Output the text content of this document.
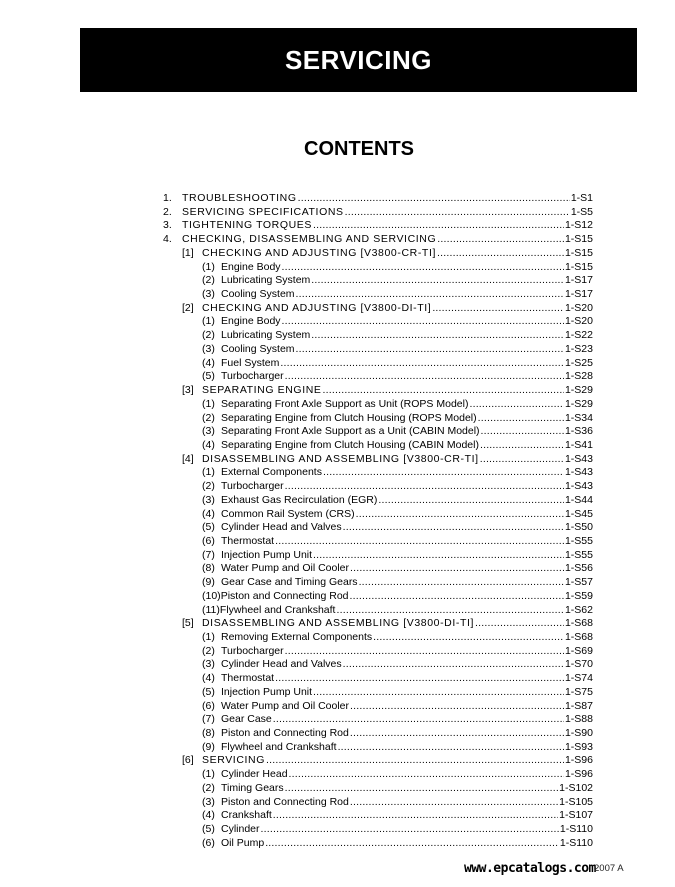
SERVICING
CONTENTS
1. TROUBLESHOOTING .....	1-S1
2. SERVICING SPECIFICATIONS .....	1-S5
3. TIGHTENING TORQUES .....	1-S12
4. CHECKING, DISASSEMBLING AND SERVICING .....	1-S15
[1] CHECKING AND ADJUSTING [V3800-CR-TI] .....	1-S15
(1) Engine Body .....	1-S15
(2) Lubricating System .....	1-S17
(3) Cooling System .....	1-S17
[2] CHECKING AND ADJUSTING [V3800-DI-TI] .....	1-S20
(1) Engine Body .....	1-S20
(2) Lubricating System .....	1-S22
(3) Cooling System .....	1-S23
(4) Fuel System .....	1-S25
(5) Turbocharger .....	1-S28
[3] SEPARATING ENGINE .....	1-S29
(1) Separating Front Axle Support as Unit (ROPS Model) .....	1-S29
(2) Separating Engine from Clutch Housing (ROPS Model) .....	1-S34
(3) Separating Front Axle Support as a Unit (CABIN Model) .....	1-S36
(4) Separating Engine from Clutch Housing (CABIN Model) .....	1-S41
[4] DISASSEMBLING AND ASSEMBLING [V3800-CR-TI] .....	1-S43
(1) External Components .....	1-S43
(2) Turbocharger .....	1-S43
(3) Exhaust Gas Recirculation (EGR) .....	1-S44
(4) Common Rail System (CRS) .....	1-S45
(5) Cylinder Head and Valves .....	1-S50
(6) Thermostat .....	1-S55
(7) Injection Pump Unit .....	1-S55
(8) Water Pump and Oil Cooler .....	1-S56
(9) Gear Case and Timing Gears .....	1-S57
(10) Piston and Connecting Rod .....	1-S59
(11) Flywheel and Crankshaft .....	1-S62
[5] DISASSEMBLING AND ASSEMBLING [V3800-DI-TI] .....	1-S68
(1) Removing External Components .....	1-S68
(2) Turbocharger .....	1-S69
(3) Cylinder Head and Valves .....	1-S70
(4) Thermostat .....	1-S74
(5) Injection Pump Unit .....	1-S75
(6) Water Pump and Oil Cooler .....	1-S87
(7) Gear Case .....	1-S88
(8) Piston and Connecting Rod .....	1-S90
(9) Flywheel and Crankshaft .....	1-S93
[6] SERVICING .....	1-S96
(1) Cylinder Head .....	1-S96
(2) Timing Gears .....	1-S102
(3) Piston and Connecting Rod .....	1-S105
(4) Crankshaft .....	1-S107
(5) Cylinder .....	1-S110
(6) Oil Pump .....	1-S110
www.epcatalogs.com
2007 A
